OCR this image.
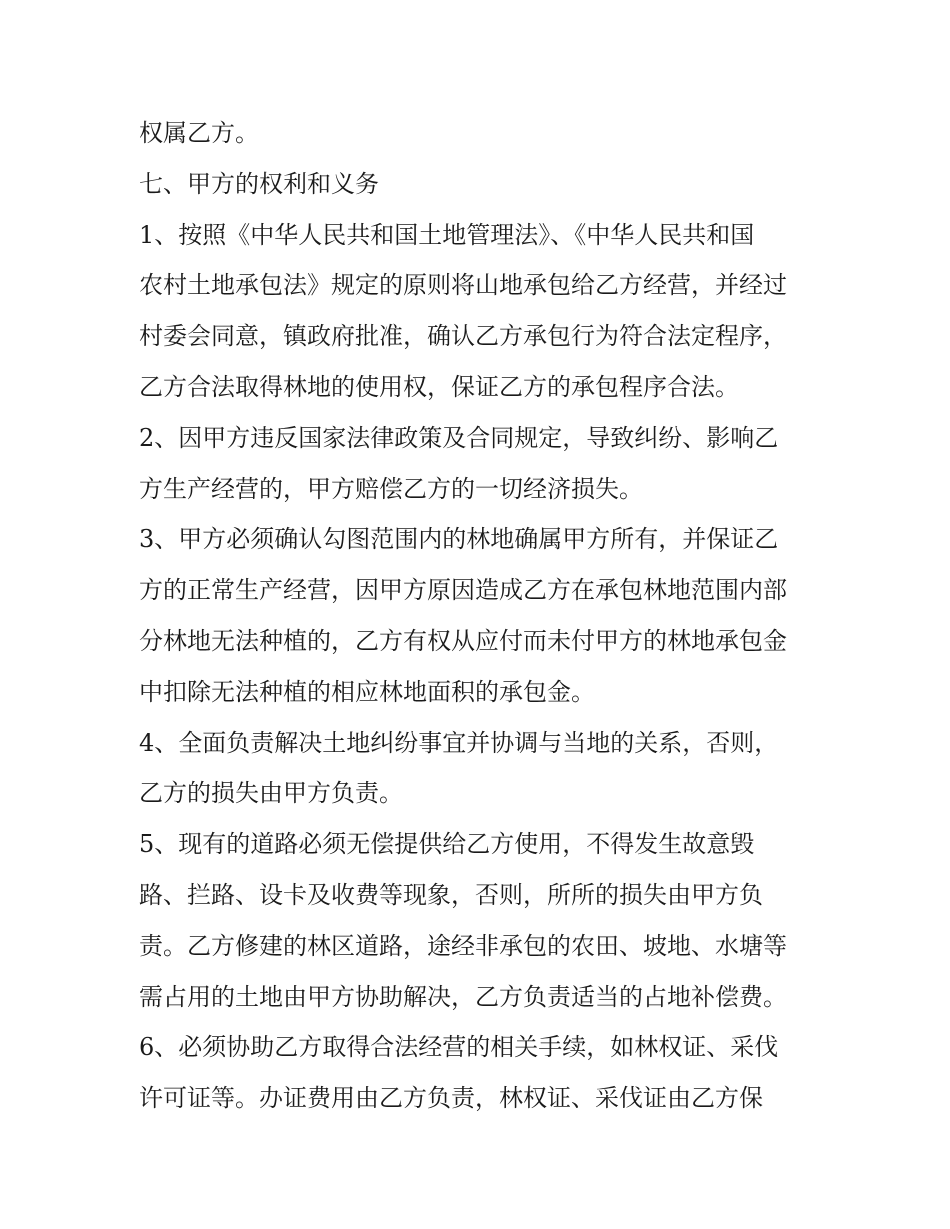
权属乙方。
七、甲方的权利和义务
1、按照《中华人民共和国土地管理法》、《中华人民共和国
农村土地承包法》规定的原则将山地承包给乙方经营，并经过
村委会同意，镇政府批准，确认乙方承包行为符合法定程序，
乙方合法取得林地的使用权，保证乙方的承包程序合法。
2、因甲方违反国家法律政策及合同规定，导致纠纷、影响乙
方生产经营的，甲方赔偿乙方的一切经济损失。
3、甲方必须确认勾图范围内的林地确属甲方所有，并保证乙
方的正常生产经营，因甲方原因造成乙方在承包林地范围内部
分林地无法种植的，乙方有权从应付而未付甲方的林地承包金
中扣除无法种植的相应林地面积的承包金。
4、全面负责解决土地纠纷事宜并协调与当地的关系，否则，
乙方的损失由甲方负责。
5、现有的道路必须无偿提供给乙方使用，不得发生故意毁
路、拦路、设卡及收费等现象，否则，所所的损失由甲方负
责。乙方修建的林区道路，途经非承包的农田、坡地、水塘等
需占用的土地由甲方协助解决，乙方负责适当的占地补偿费。
6、必须协助乙方取得合法经营的相关手续，如林权证、采伐
许可证等。办证费用由乙方负责，林权证、采伐证由乙方保
